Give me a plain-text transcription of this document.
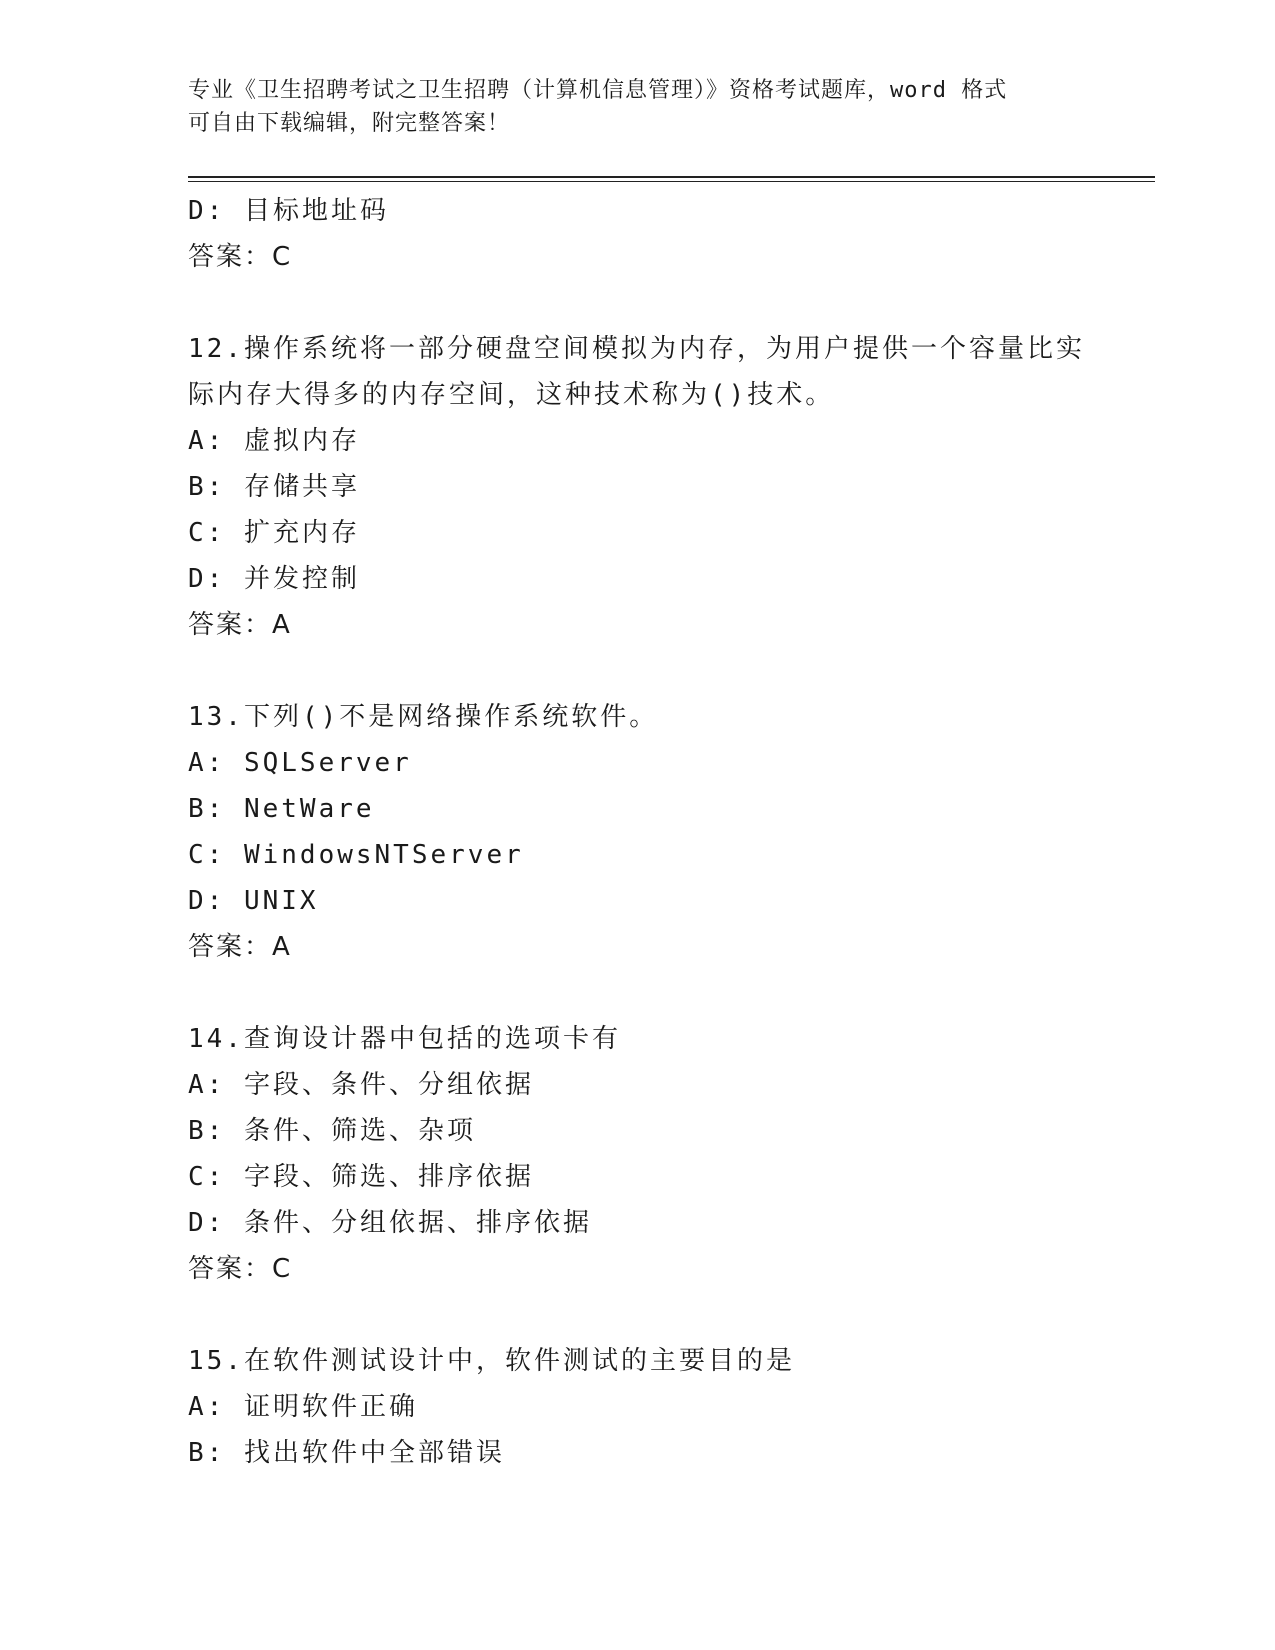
专业《卫生招聘考试之卫生招聘（计算机信息管理）》资格考试题库，word 格式
可自由下载编辑，附完整答案！
D: 目标地址码
答案：C
12.操作系统将一部分硬盘空间模拟为内存，为用户提供一个容量比实
际内存大得多的内存空间，这种技术称为()技术。
A: 虚拟内存
B: 存储共享
C: 扩充内存
D: 并发控制
答案：A
13.下列()不是网络操作系统软件。
A: SQLServer
B: NetWare
C: WindowsNTServer
D: UNIX
答案：A
14.查询设计器中包括的选项卡有
A: 字段、条件、分组依据
B: 条件、筛选、杂项
C: 字段、筛选、排序依据
D: 条件、分组依据、排序依据
答案：C
15.在软件测试设计中，软件测试的主要目的是
A: 证明软件正确
B: 找出软件中全部错误
